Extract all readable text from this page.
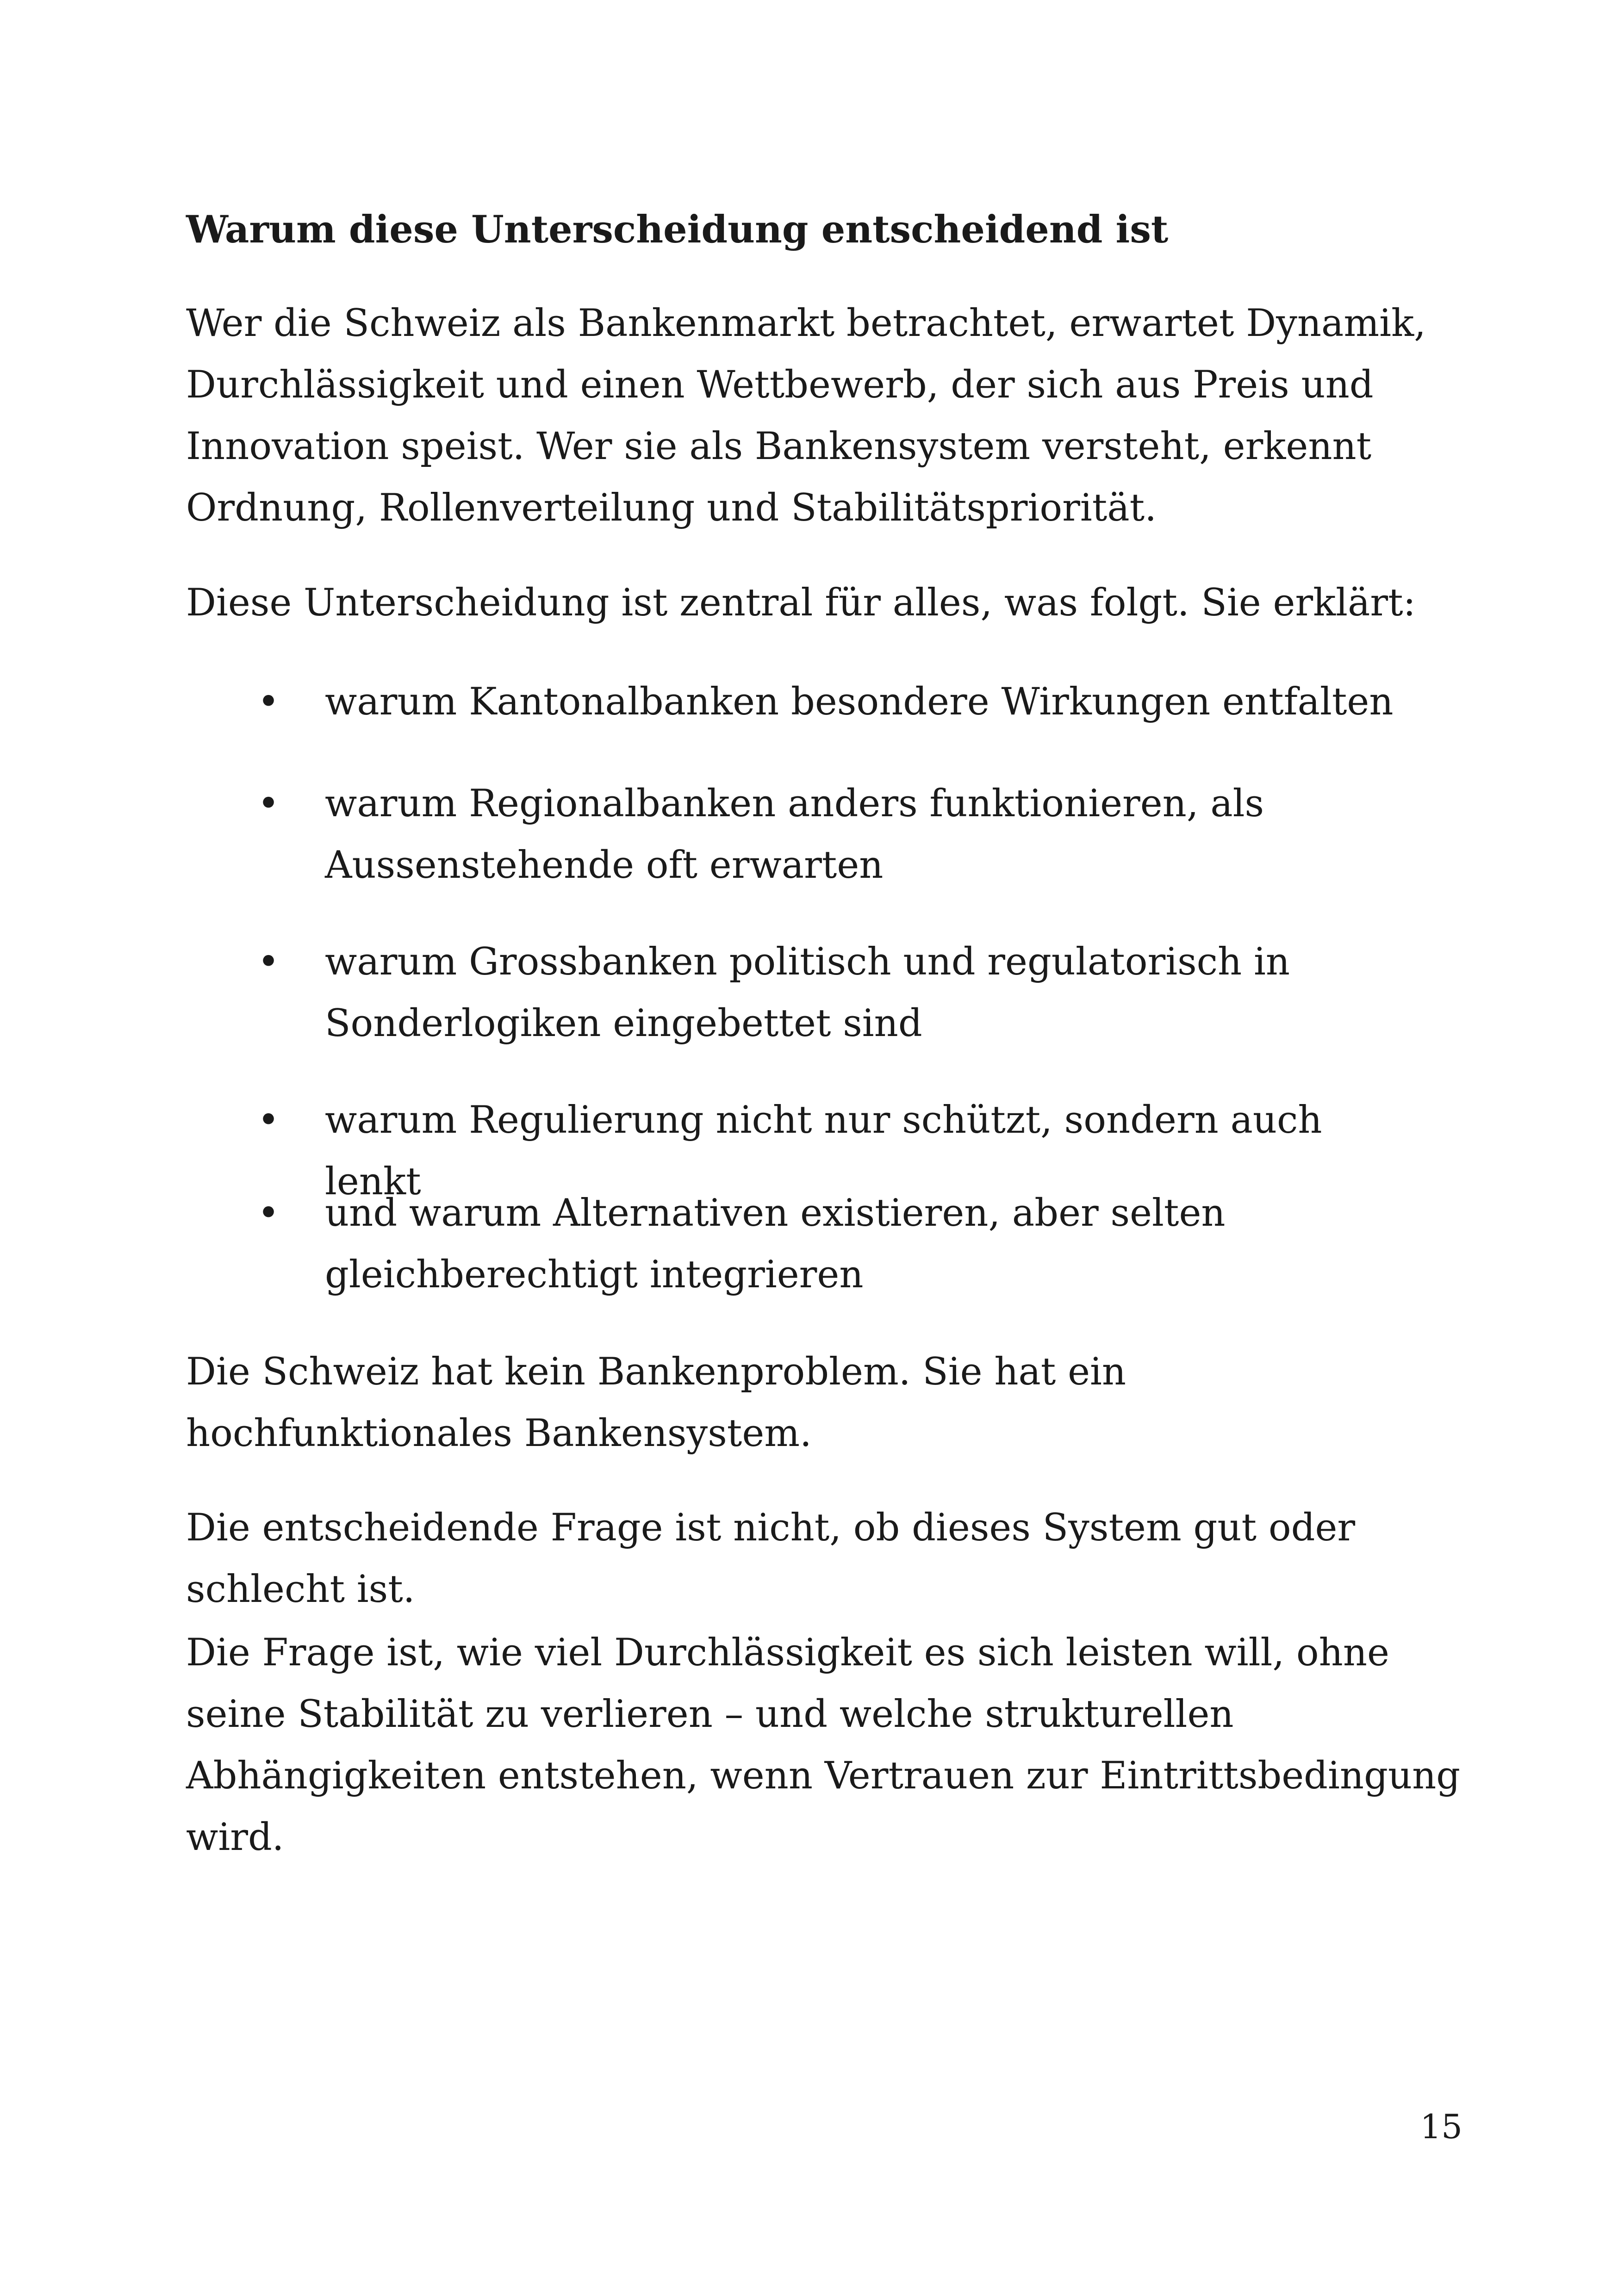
Warum diese Unterscheidung entscheidend ist

Wer die Schweiz als Bankenmarkt betrachtet, erwartet Dynamik, Durchlässigkeit und einen Wettbewerb, der sich aus Preis und Innovation speist. Wer sie als Bankensystem versteht, erkennt Ordnung, Rollenverteilung und Stabilitätspriorität.

Diese Unterscheidung ist zentral für alles, was folgt. Sie erklärt:

• warum Kantonalbanken besondere Wirkungen entfalten
• warum Regionalbanken anders funktionieren, als Aussenstehende oft erwarten
• warum Grossbanken politisch und regulatorisch in Sonderlogiken eingebettet sind
• warum Regulierung nicht nur schützt, sondern auch lenkt
• und warum Alternativen existieren, aber selten gleichberechtigt integrieren

Die Schweiz hat kein Bankenproblem. Sie hat ein hochfunktionales Bankensystem.

Die entscheidende Frage ist nicht, ob dieses System gut oder schlecht ist.

Die Frage ist, wie viel Durchlässigkeit es sich leisten will, ohne seine Stabilität zu verlieren – und welche strukturellen Abhängigkeiten entstehen, wenn Vertrauen zur Eintrittsbedingung wird.

15
